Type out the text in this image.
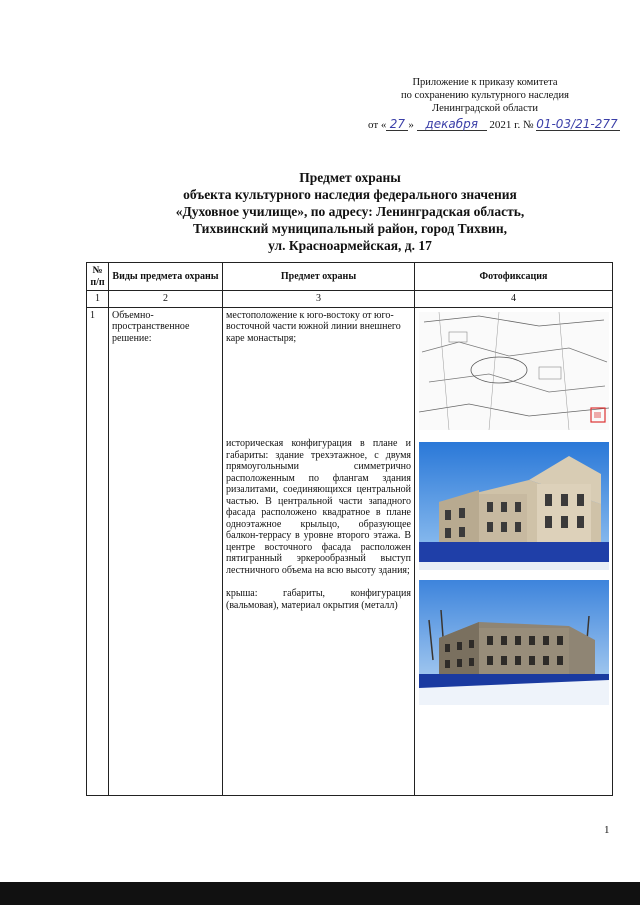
Приложение к приказу комитета
по сохранению культурного наследия
Ленинградской области
от « 27 » декабря 2021 г. № 01-03/21-277
Предмет охраны
объекта культурного наследия федерального значения
«Духовное училище», по адресу: Ленинградская область,
Тихвинский муниципальный район, город Тихвин,
ул. Красноармейская, д. 17
№ п/п	Виды предмета охраны	Предмет охраны	Фотофиксация
1	2	3	4
1	Объемно-пространственное решение:	местоположение к юго-востоку от юго-восточной части южной линии внешнего каре монастыря;
историческая конфигурация в плане и габариты: здание трехэтажное, с двумя прямоугольными симметрично расположенным по флангам здания ризалитами, соединяющихся центральной частью. В центральной части западного фасада расположено квадратное в плане одноэтажное крыльцо, образующее балкон-террасу в уровне второго этажа. В центре восточного фасада расположен пятигранный эркерообразный выступ лестничного объема на всю высоту здания;
крыша: габариты, конфигурация (вальмовая), материал окрытия (металл)

1
